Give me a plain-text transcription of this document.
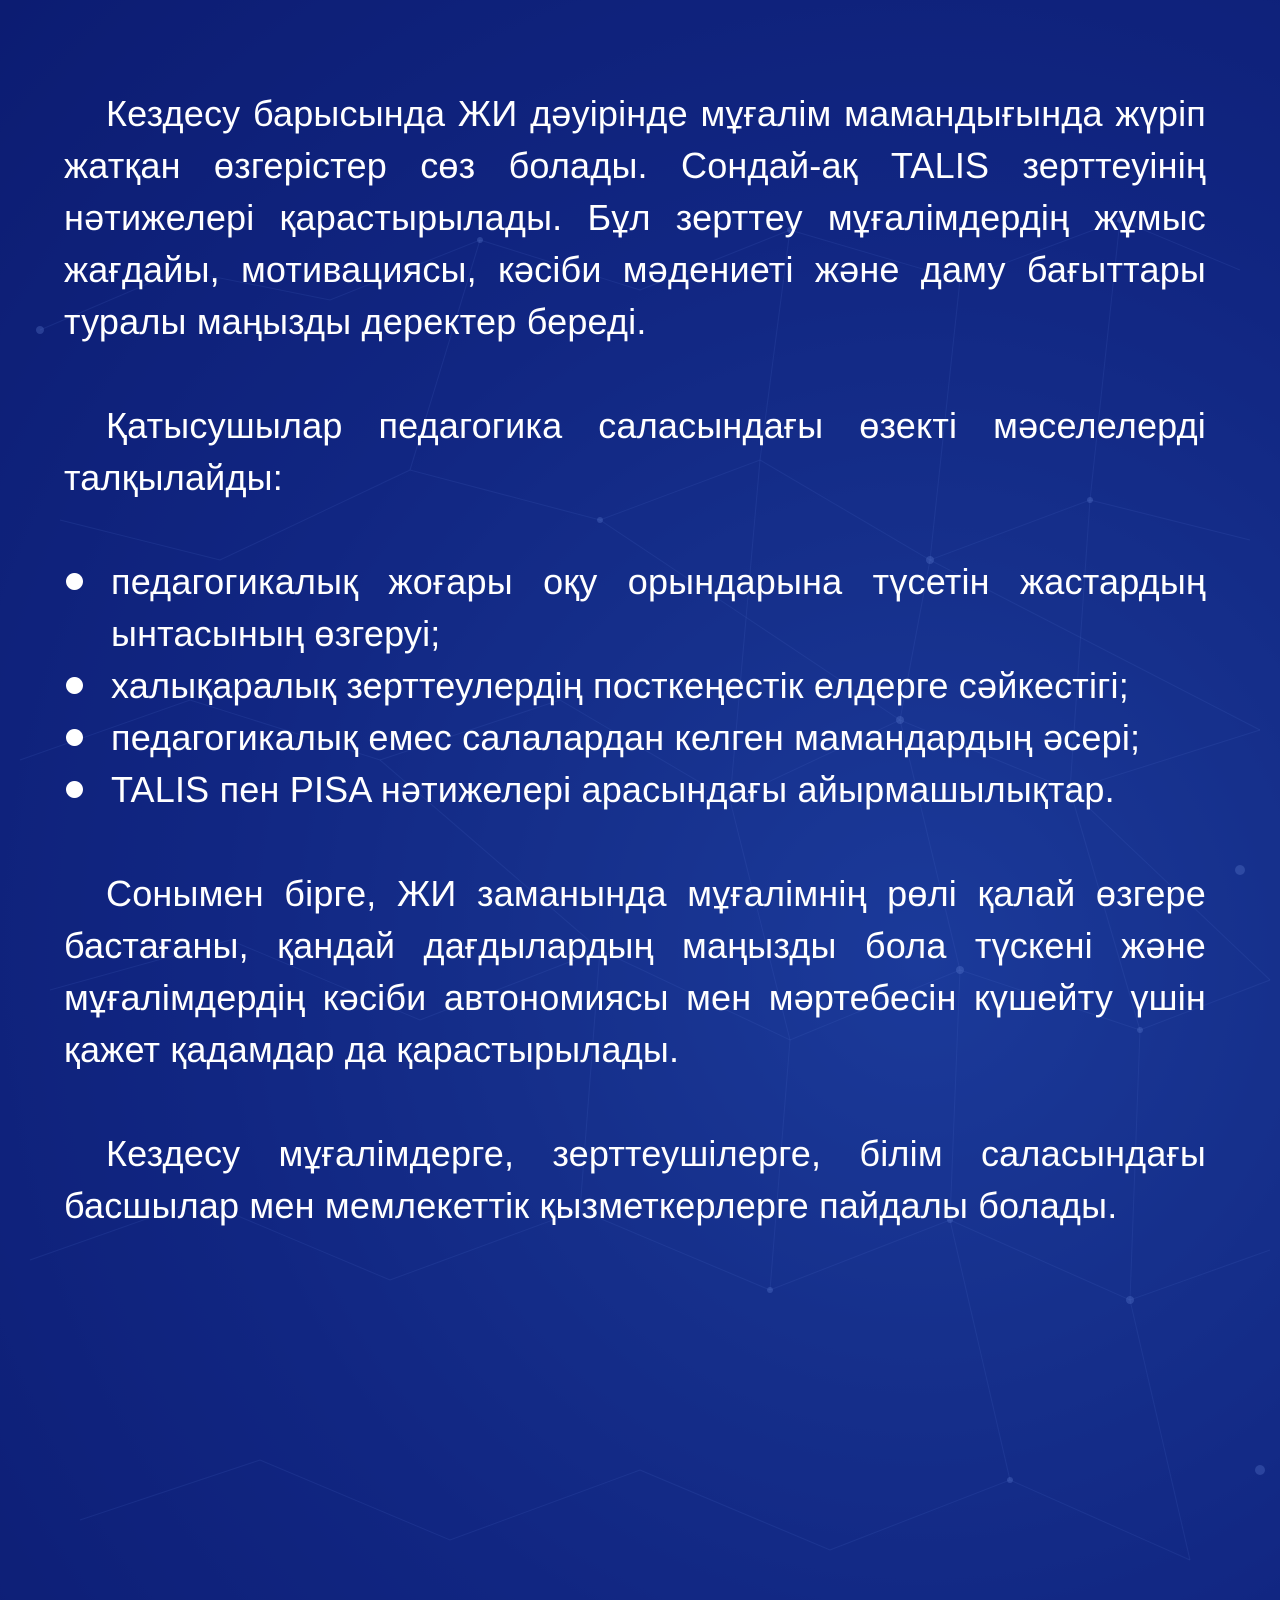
Кездесу барысында ЖИ дәуірінде мұғалім мамандығында жүріп жатқан өзгерістер сөз болады. Сондай-ақ TALIS зерттеуінің нәтижелері қарастырылады. Бұл зерттеу мұғалімдердің жұмыс жағдайы, мотивациясы, кәсіби мәдениеті және даму бағыттары туралы маңызды деректер береді.

Қатысушылар педагогика саласындағы өзекті мәселелерді талқылайды:

педагогикалық жоғары оқу орындарына түсетін жастардың ынтасының өзгеруі;
халықаралық зерттеулердің посткеңестік елдерге сәйкестігі;
педагогикалық емес салалардан келген мамандардың әсері;
TALIS пен PISA нәтижелері арасындағы айырмашылықтар.

Сонымен бірге, ЖИ заманында мұғалімнің рөлі қалай өзгере бастағаны, қандай дағдылардың маңызды бола түскені және мұғалімдердің кәсіби автономиясы мен мәртебесін күшейту үшін қажет қадамдар да қарастырылады.

Кездесу мұғалімдерге, зерттеушілерге, білім саласындағы басшылар мен мемлекеттік қызметкерлерге пайдалы болады.
